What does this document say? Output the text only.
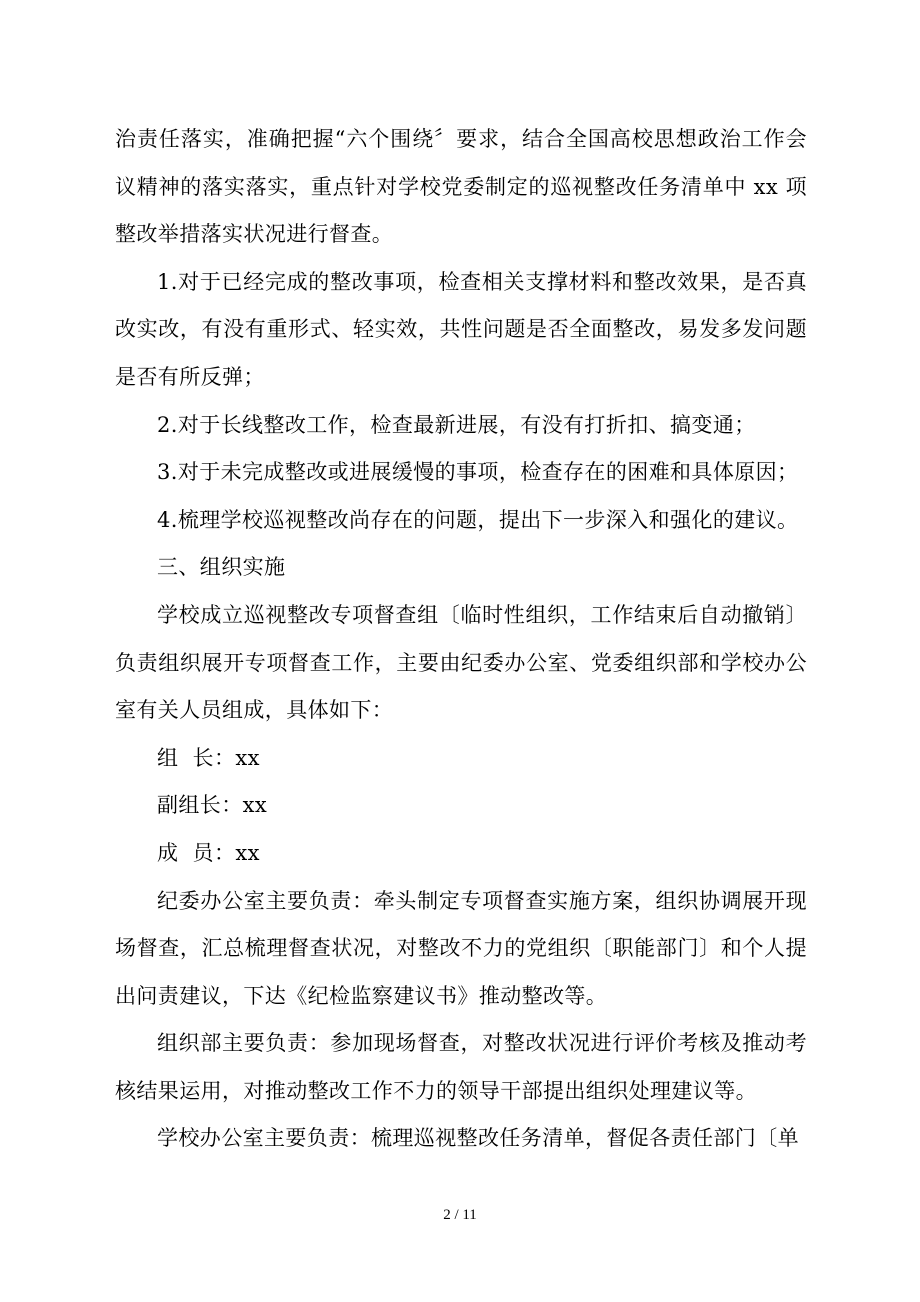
治责任落实，准确把握“六个围绕〞要求，结合全国高校思想政治工作会议精神的落实落实，重点针对学校党委制定的巡视整改任务清单中 xx 项整改举措落实状况进行督查。

1.对于已经完成的整改事项，检查相关支撑材料和整改效果，是否真改实改，有没有重形式、轻实效，共性问题是否全面整改，易发多发问题是否有所反弹；

2.对于长线整改工作，检查最新进展，有没有打折扣、搞变通；

3.对于未完成整改或进展缓慢的事项，检查存在的困难和具体原因；

4.梳理学校巡视整改尚存在的问题，提出下一步深入和强化的建议。

三、组织实施

学校成立巡视整改专项督查组〔临时性组织，工作结束后自动撤销〕负责组织展开专项督查工作，主要由纪委办公室、党委组织部和学校办公室有关人员组成，具体如下：

组  长：xx

副组长：xx

成  员：xx

纪委办公室主要负责：牵头制定专项督查实施方案，组织协调展开现场督查，汇总梳理督查状况，对整改不力的党组织〔职能部门〕和个人提出问责建议，下达《纪检监察建议书》推动整改等。

组织部主要负责：参加现场督查，对整改状况进行评价考核及推动考核结果运用，对推动整改工作不力的领导干部提出组织处理建议等。

学校办公室主要负责：梳理巡视整改任务清单，督促各责任部门〔单

2 / 11
